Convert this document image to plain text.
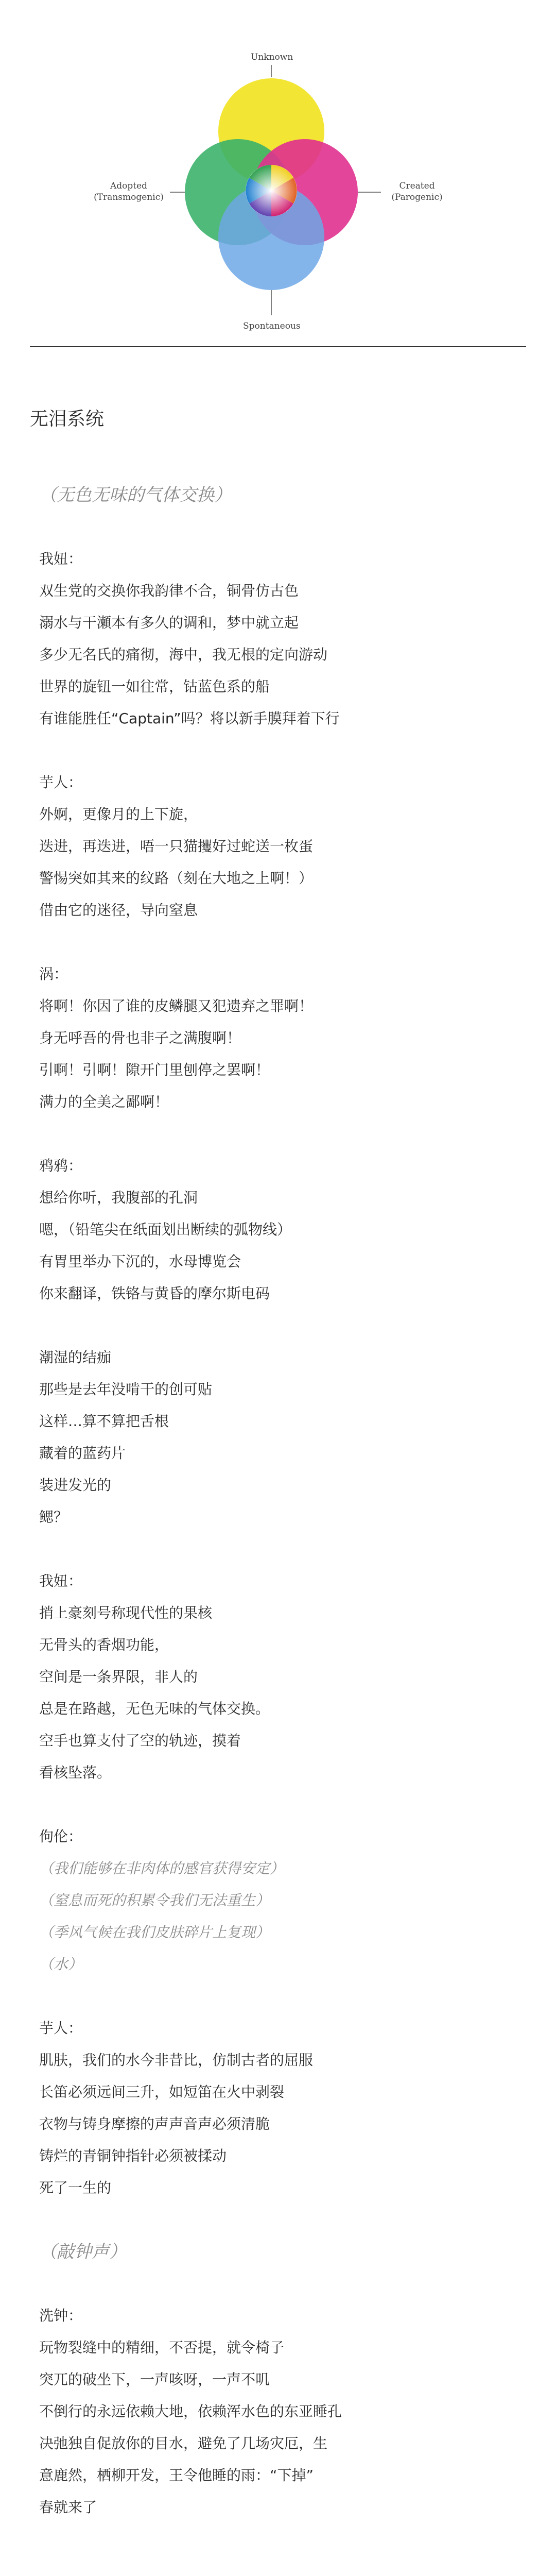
Unknown
Spontaneous
Adopted
(Transmogenic)
Created
(Parogenic)
无泪系统
（无色无味的气体交换）
我妞：
双生党的交换你我韵律不合，铜骨仿古色
溺水与干瀬本有多久的调和，梦中就立起
多少无名氏的痛彻，海中，我无根的定向游动
世界的旋钮一如往常，钴蓝色系的船
有谁能胜任“Captain”吗？将以新手膜拜着下行
芋人：
外婀，更像月的上下旋，
迭进，再迭进，唔一只猫攫好过蛇送一枚蛋
警惕突如其来的纹路（刻在大地之上啊！）
借由它的迷径，导向窒息
涡：
将啊！你因了谁的皮鳞腿又犯遗弃之罪啊！
身无呼吾的骨也非子之满腹啊！
引啊！引啊！隙开门里刨停之罢啊！
满力的全美之鄙啊！
鸦鸦：
想给你听，我腹部的孔洞
嗯，（铅笔尖在纸面划出断续的弧物线）
有胃里举办下沉的，水母博览会
你来翻译，铁铬与黄昏的摩尔斯电码
潮湿的结痂
那些是去年没啃干的创可贴
这样…算不算把舌根
藏着的蓝药片
装进发光的
鳃？
我妞：
捎上豪刻号称现代性的果核
无骨头的香烟功能，
空间是一条界限，非人的
总是在路越，无色无味的气体交换。
空手也算支付了空的轨迹，摸着
看核坠落。
佝伦：
（我们能够在非肉体的感官获得安定）
（窒息而死的积累令我们无法重生）
（季风气候在我们皮肤碎片上复现）
（水）
芋人：
肌肤，我们的水今非昔比，仿制古者的屈服
长笛必须远间三升，如短笛在火中剥裂
衣物与铸身摩擦的声声音声必须清脆
铸烂的青铜钟指针必须被揉动
死了一生的
（敲钟声）
洗钟：
玩物裂缝中的精细，不否提，就令椅子
突兀的破坐下，一声咳呀，一声不叽
不倒行的永远依赖大地，依赖浑水色的东亚睡孔
决弛独自促放你的目水，避免了几场灾厄，生
意鹿然，栖柳开发，王令他睡的雨：“下掉”
春就来了
